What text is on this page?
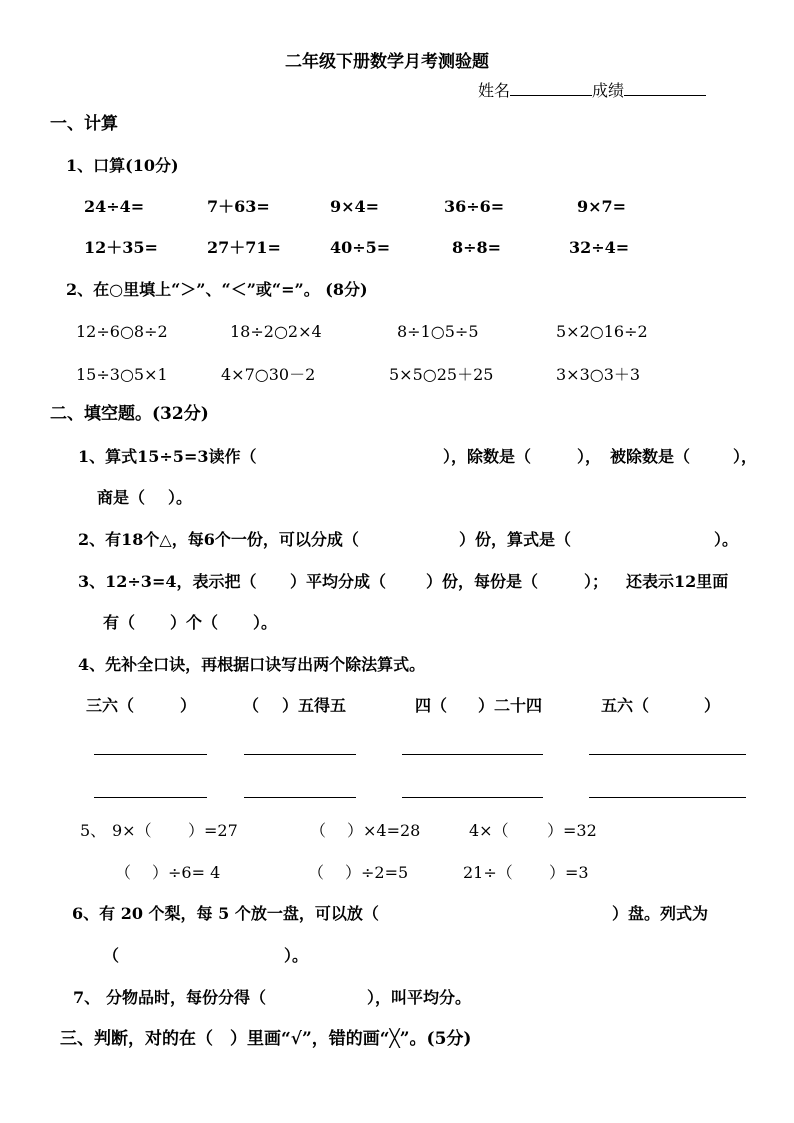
二年级下册数学月考测验题
姓名	成绩
一、计算
1、口算(10分)
24÷4=	7＋63=	9×4=	36÷6=	9×7=
12＋35=	27＋71=	40÷5=	8÷8=	32÷4=
2、在○里填上“＞”、“＜”或“=”。 (8分)
12÷6○8÷2	18÷2○2×4	8÷1○5÷5	5×2○16÷2
15÷3○5×1	4×7○30－2	5×5○25＋25	3×3○3＋3
二、填空题。(32分)
1、算式15÷5=3读作（	），除数是（	）， 被除数是（	），
商是（ ）。
2、有18个△，每6个一份，可以分成（	）份，算式是（	）。
3、12÷3=4，表示把（ ）平均分成（ ）份，每份是（	）； 还表示12里面
有（ ）个（ ）。
4、先补全口诀，再根据口诀写出两个除法算式。
三六（	）	（ ）五得五	四（ ）二十四	五六（	）
5、 9×（ ）=27	（ ）×4=28	4×（ ）=32
（ ）÷6= 4	（ ）÷2=5	21÷（ ）=3
6、有 20 个梨，每 5 个放一盘，可以放（	）盘。列式为
（	）。
7、 分物品时，每份分得（	），叫平均分。
三、判断，对的在（　）里画“√”，错的画“╳”。(5分)
